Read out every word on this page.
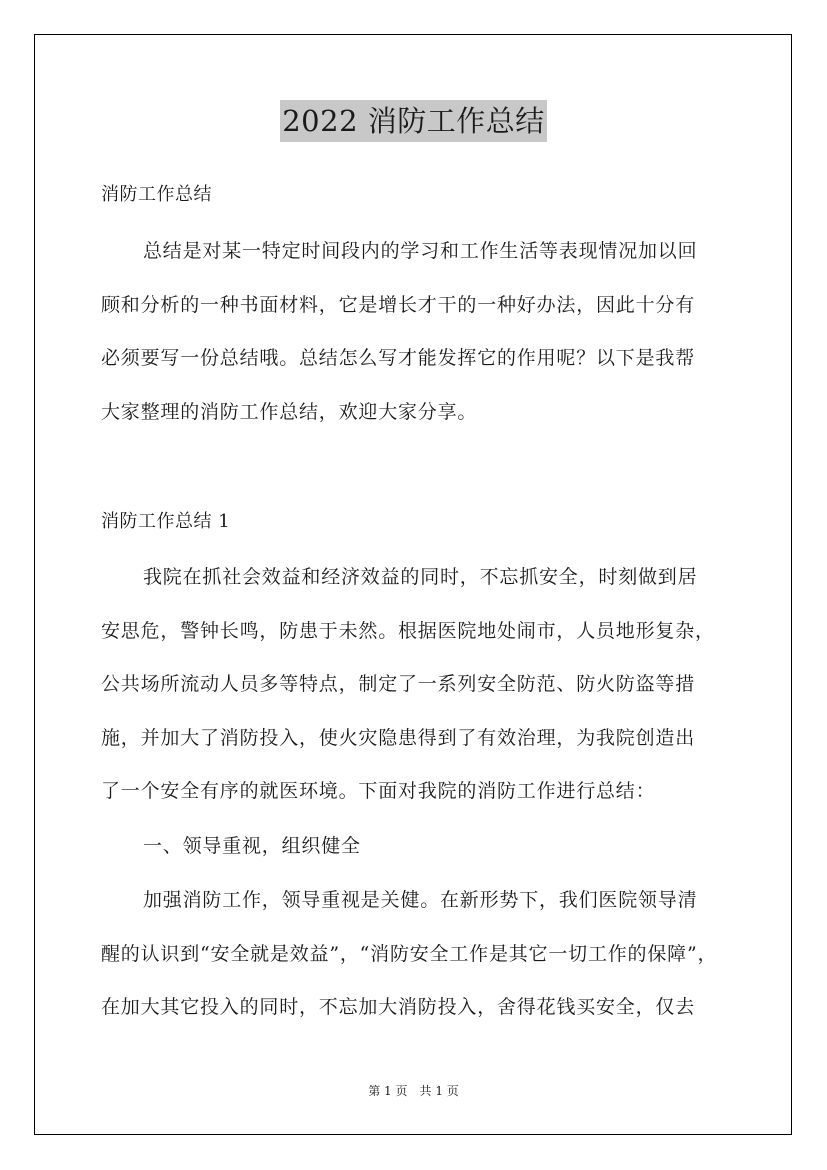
2022 消防工作总结
消防工作总结
总结是对某一特定时间段内的学习和工作生活等表现情况加以回
顾和分析的一种书面材料，它是增长才干的一种好办法，因此十分有
必须要写一份总结哦。总结怎么写才能发挥它的作用呢？以下是我帮
大家整理的消防工作总结，欢迎大家分享。
消防工作总结 1
我院在抓社会效益和经济效益的同时，不忘抓安全，时刻做到居
安思危，警钟长鸣，防患于未然。根据医院地处闹市，人员地形复杂，
公共场所流动人员多等特点，制定了一系列安全防范、防火防盗等措
施，并加大了消防投入，使火灾隐患得到了有效治理，为我院创造出
了一个安全有序的就医环境。下面对我院的消防工作进行总结：
一、领导重视，组织健全
加强消防工作，领导重视是关健。在新形势下，我们医院领导清
醒的认识到“安全就是效益”，“消防安全工作是其它一切工作的保障”，
在加大其它投入的同时，不忘加大消防投入，舍得花钱买安全，仅去
第 1 页　共 1 页
